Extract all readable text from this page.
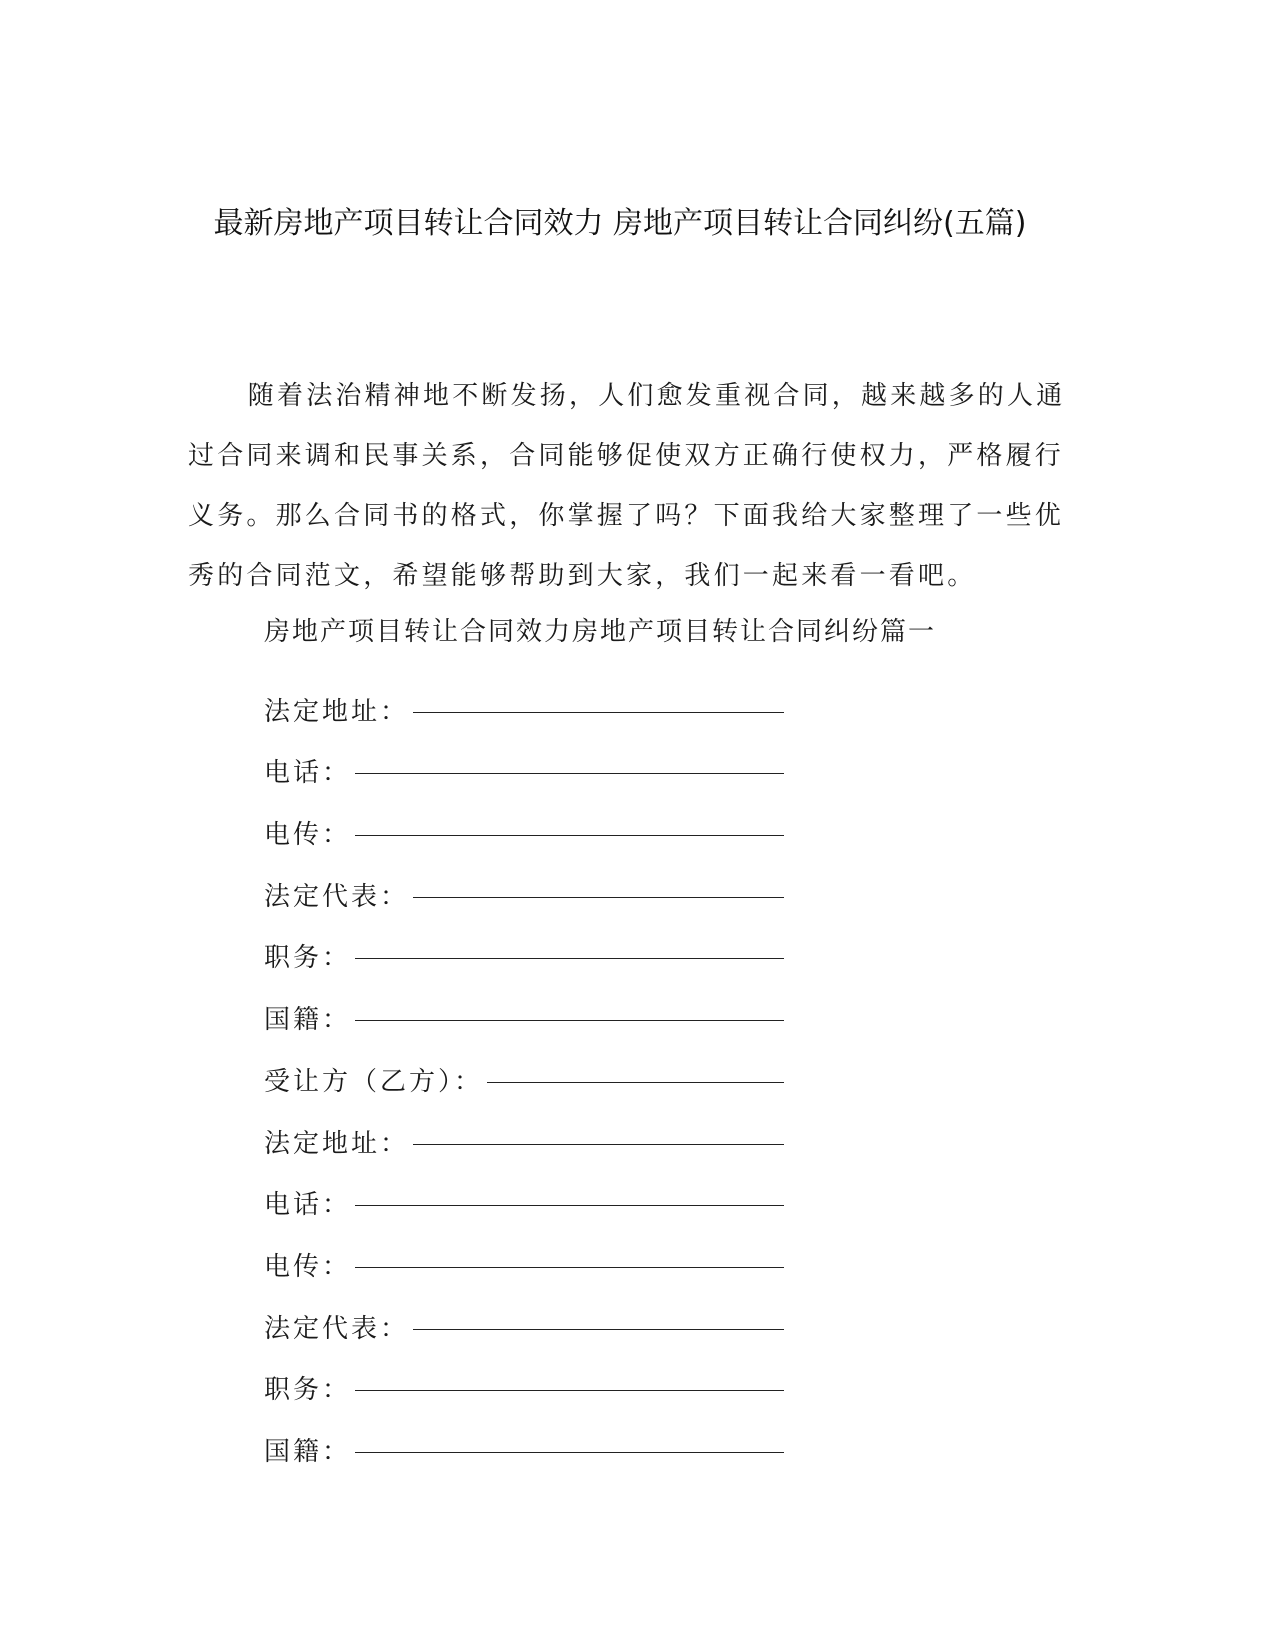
最新房地产项目转让合同效力 房地产项目转让合同纠纷(五篇)
随着法治精神地不断发扬，人们愈发重视合同，越来越多的人通过合同来调和民事关系，合同能够促使双方正确行使权力，严格履行义务。那么合同书的格式，你掌握了吗？下面我给大家整理了一些优秀的合同范文，希望能够帮助到大家，我们一起来看一看吧。
房地产项目转让合同效力房地产项目转让合同纠纷篇一
法定地址：
电话：
电传：
法定代表：
职务：
国籍：
受让方（乙方）：
法定地址：
电话：
电传：
法定代表：
职务：
国籍：
